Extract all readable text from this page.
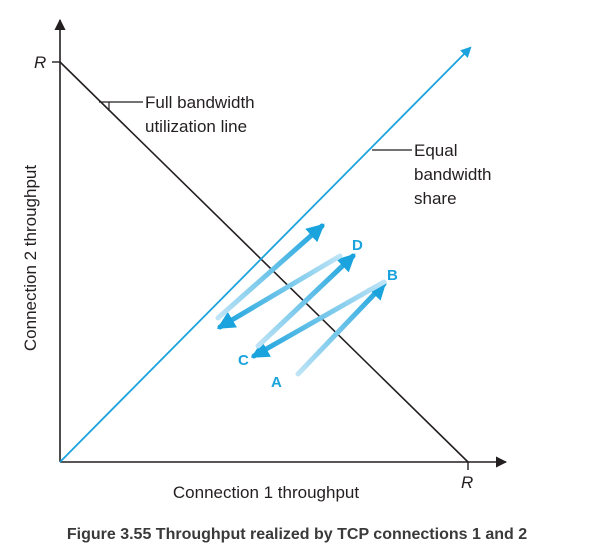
R
R
Full bandwidth
utilization line
Equal
bandwidth
share
A
B
C
D
Connection 1 throughput
Connection 2 throughput
Figure 3.55 Throughput realized by TCP connections 1 and 2
